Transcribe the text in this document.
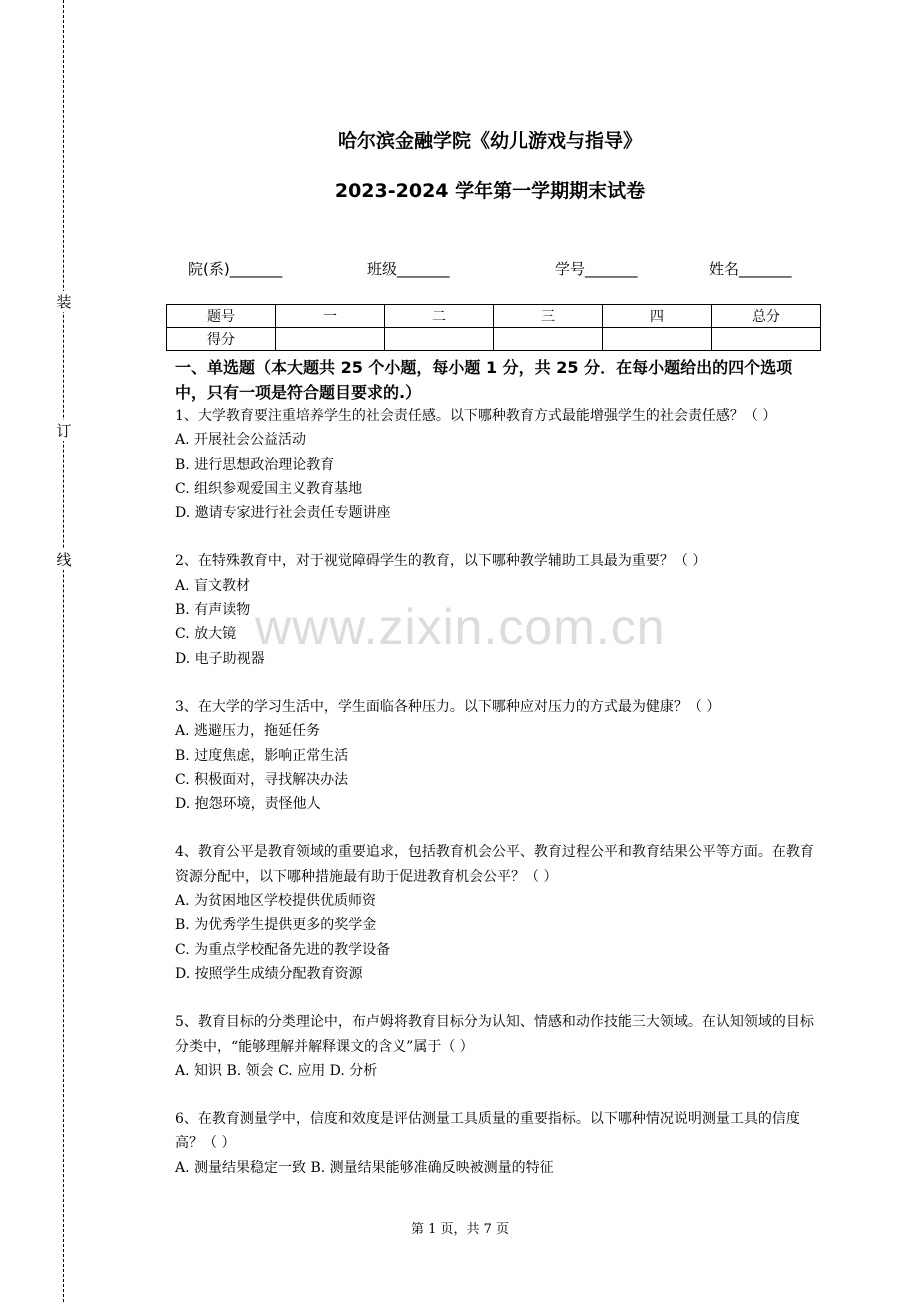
装
订
线
哈尔滨金融学院《幼儿游戏与指导》
2023-2024 学年第一学期期末试卷
院(系)_______	班级_______	学号_______	姓名_______
题号	一	二	三	四	总分
得分					
一、单选题（本大题共 25 个小题，每小题 1 分，共 25 分．在每小题给出的四个选项中，只有一项是符合题目要求的.）
www.zixin.com.cn

1、大学教育要注重培养学生的社会责任感。以下哪种教育方式最能增强学生的社会责任感？（ ）

A. 开展社会公益活动

B. 进行思想政治理论教育

C. 组织参观爱国主义教育基地

D. 邀请专家进行社会责任专题讲座

2、在特殊教育中，对于视觉障碍学生的教育，以下哪种教学辅助工具最为重要？（ ）

A. 盲文教材

B. 有声读物

C. 放大镜

D. 电子助视器

3、在大学的学习生活中，学生面临各种压力。以下哪种应对压力的方式最为健康？（ ）

A. 逃避压力，拖延任务

B. 过度焦虑，影响正常生活

C. 积极面对，寻找解决办法

D. 抱怨环境，责怪他人

4、教育公平是教育领域的重要追求，包括教育机会公平、教育过程公平和教育结果公平等方面。在教育资源分配中，以下哪种措施最有助于促进教育机会公平？（ ）

A. 为贫困地区学校提供优质师资

B. 为优秀学生提供更多的奖学金

C. 为重点学校配备先进的教学设备

D. 按照学生成绩分配教育资源

5、教育目标的分类理论中，布卢姆将教育目标分为认知、情感和动作技能三大领域。在认知领域的目标分类中，“能够理解并解释课文的含义”属于（ ）

A. 知识 B. 领会 C. 应用 D. 分析

6、在教育测量学中，信度和效度是评估测量工具质量的重要指标。以下哪种情况说明测量工具的信度高？（ ）

A. 测量结果稳定一致 B. 测量结果能够准确反映被测量的特征

第 1 页，共 7 页
